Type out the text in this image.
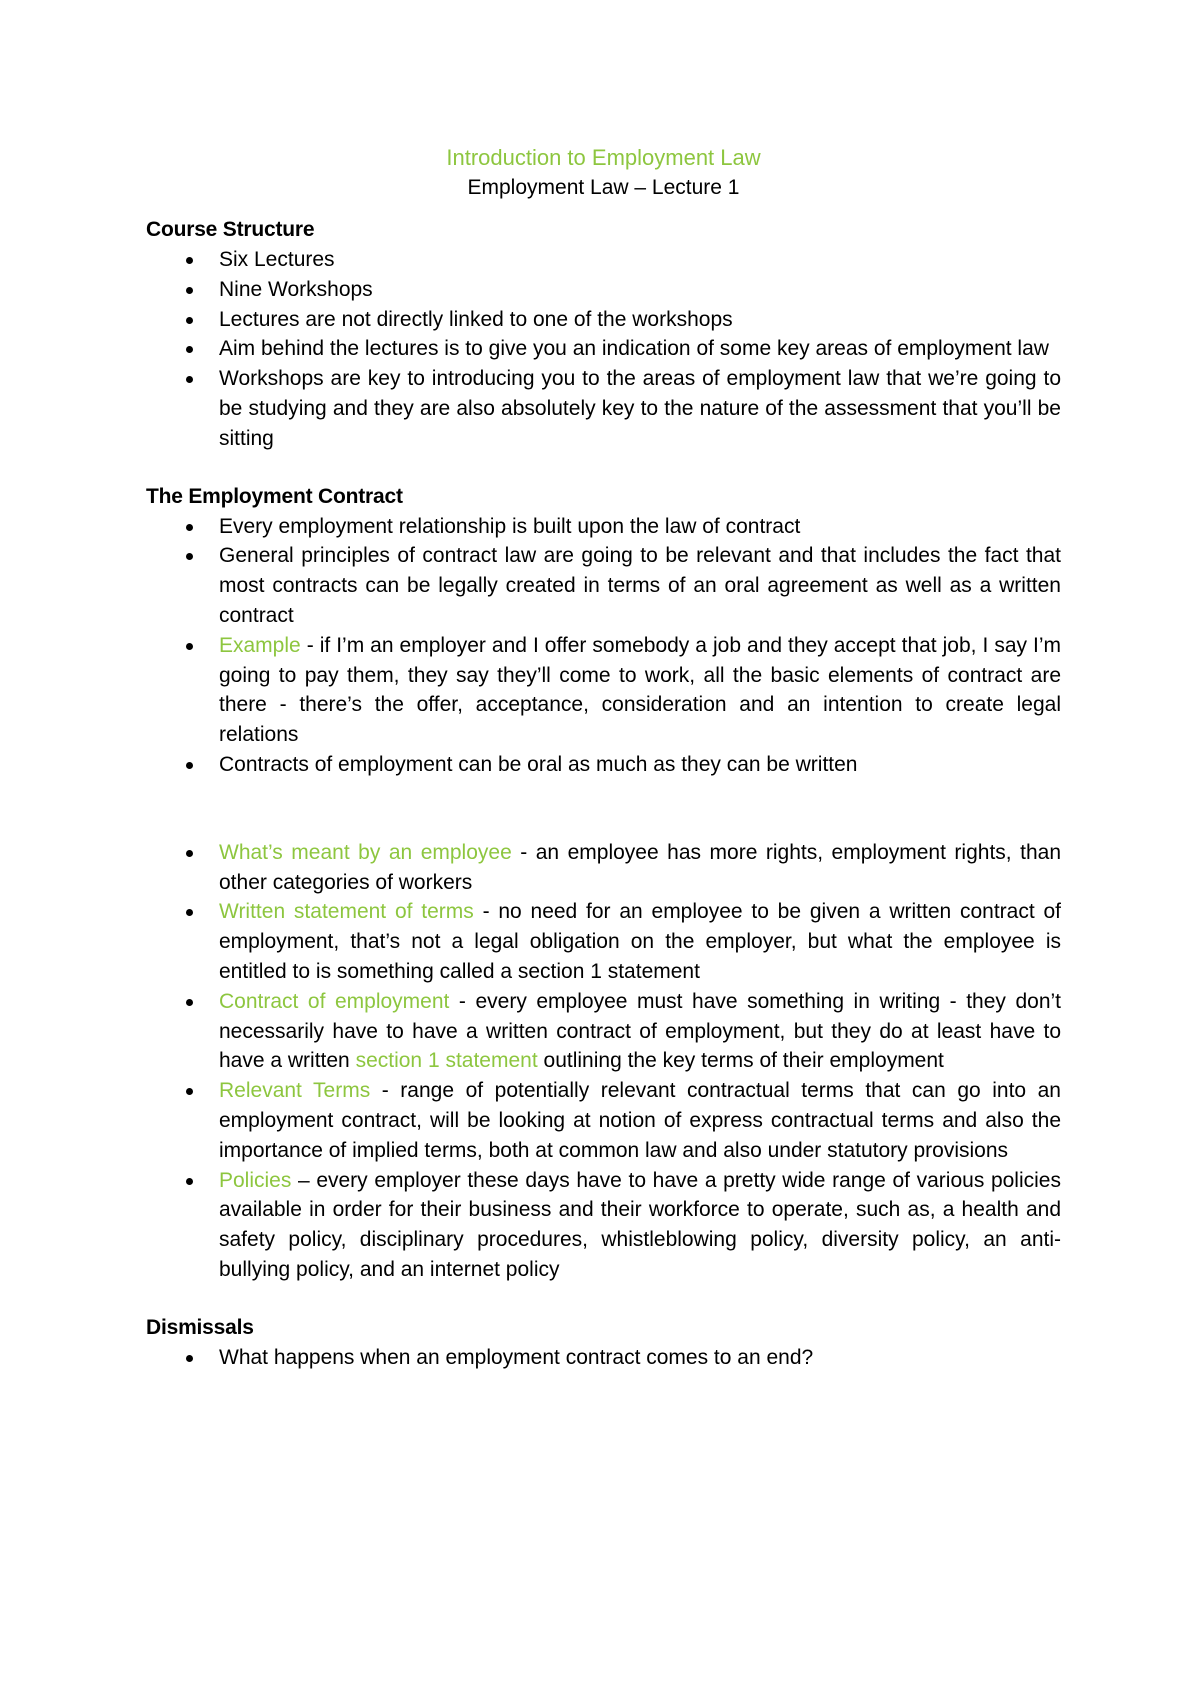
Introduction to Employment Law
Employment Law – Lecture 1
Course Structure
Six Lectures
Nine Workshops
Lectures are not directly linked to one of the workshops
Aim behind the lectures is to give you an indication of some key areas of employment law
Workshops are key to introducing you to the areas of employment law that we’re going to be studying and they are also absolutely key to the nature of the assessment that you’ll be sitting
The Employment Contract
Every employment relationship is built upon the law of contract
General principles of contract law are going to be relevant and that includes the fact that most contracts can be legally created in terms of an oral agreement as well as a written contract
Example - if I’m an employer and I offer somebody a job and they accept that job, I say I’m going to pay them, they say they’ll come to work, all the basic elements of contract are there - there’s the offer, acceptance, consideration and an intention to create legal relations
Contracts of employment can be oral as much as they can be written
What’s meant by an employee - an employee has more rights, employment rights, than other categories of workers
Written statement of terms - no need for an employee to be given a written contract of employment, that’s not a legal obligation on the employer, but what the employee is entitled to is something called a section 1 statement
Contract of employment - every employee must have something in writing - they don’t necessarily have to have a written contract of employment, but they do at least have to have a written section 1 statement outlining the key terms of their employment
Relevant Terms - range of potentially relevant contractual terms that can go into an employment contract, will be looking at notion of express contractual terms and also the importance of implied terms, both at common law and also under statutory provisions
Policies – every employer these days have to have a pretty wide range of various policies available in order for their business and their workforce to operate, such as, a health and safety policy, disciplinary procedures, whistleblowing policy, diversity policy, an anti-bullying policy, and an internet policy
Dismissals
What happens when an employment contract comes to an end?
